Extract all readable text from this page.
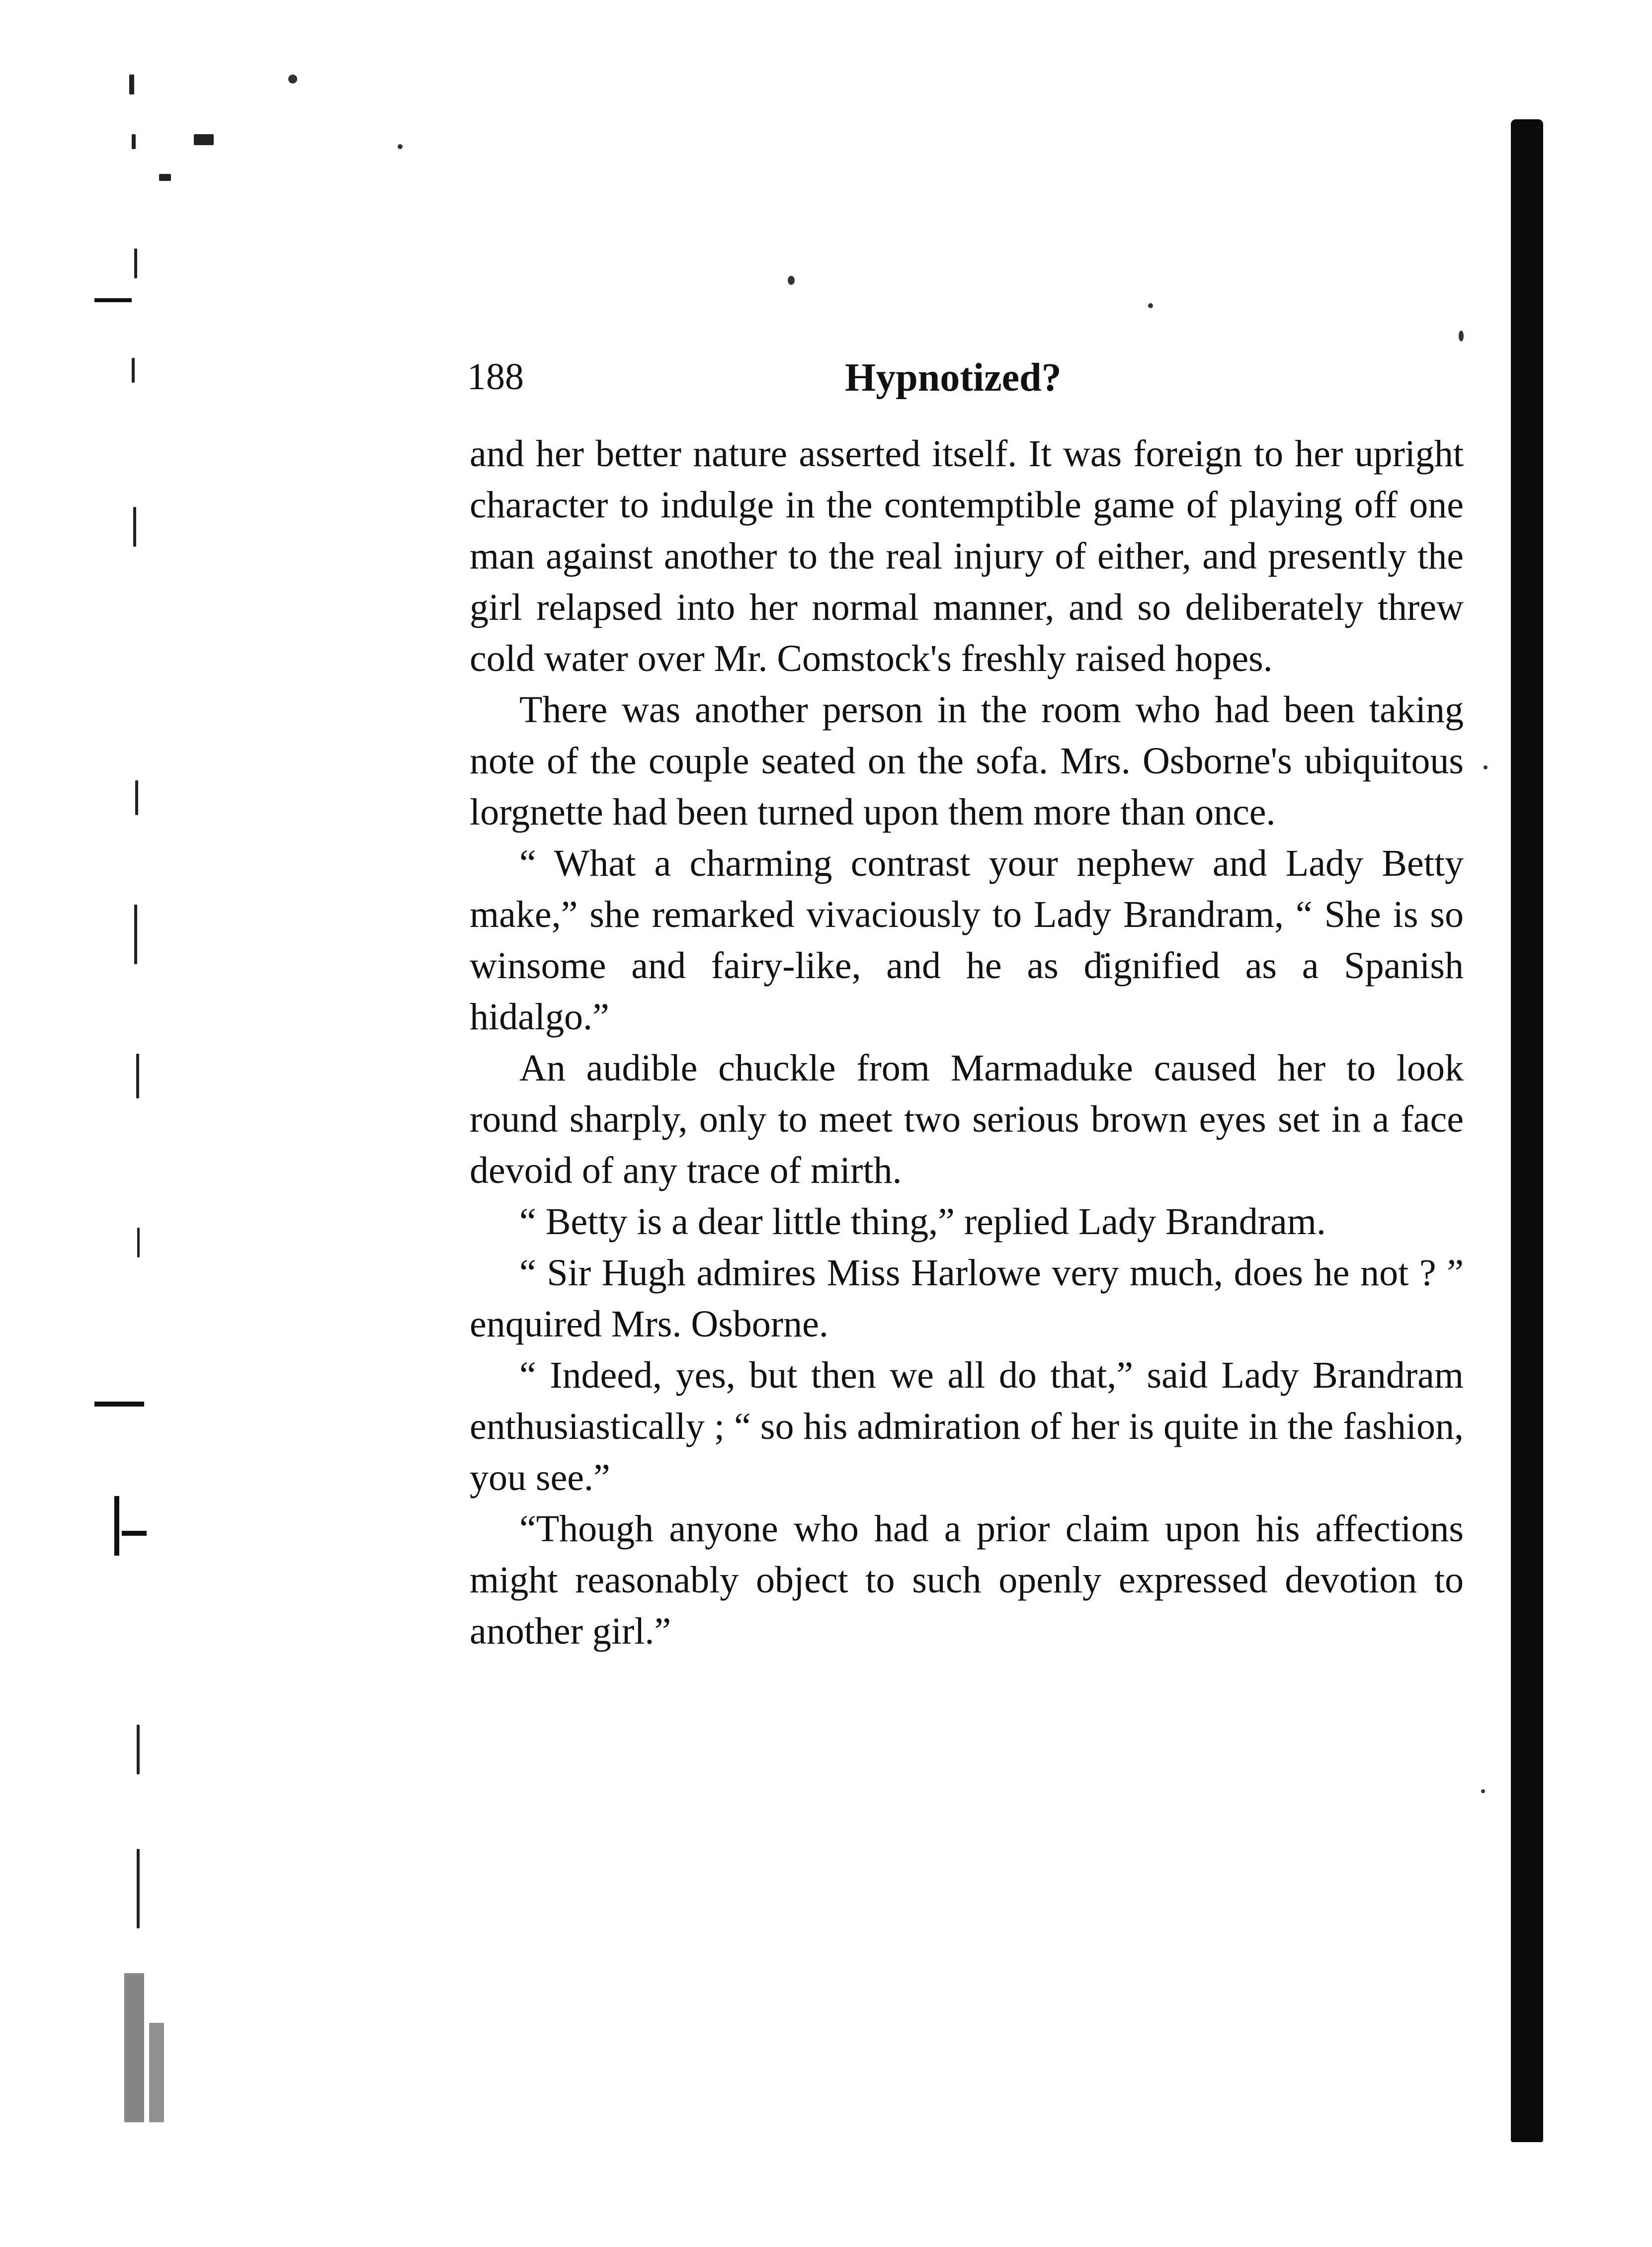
188	Hypnotized?

and her better nature asserted itself. It was foreign to her upright character to indulge in the contemptible game of playing off one man against another to the real injury of either, and presently the girl relapsed into her normal manner, and so deliberately threw cold water over Mr. Comstock's freshly raised hopes.

There was another person in the room who had been taking note of the couple seated on the sofa. Mrs. Osborne's ubiquitous lorgnette had been turned upon them more than once.

“ What a charming contrast your nephew and Lady Betty make,” she remarked vivaciously to Lady Brandram, “ She is so winsome and fairy-like, and he as dignified as a Spanish hidalgo.”

An audible chuckle from Marmaduke caused her to look round sharply, only to meet two serious brown eyes set in a face devoid of any trace of mirth.

“ Betty is a dear little thing,” replied Lady Brandram.

“ Sir Hugh admires Miss Harlowe very much, does he not ? ” enquired Mrs. Osborne.

“ Indeed, yes, but then we all do that,” said Lady Brandram enthusiastically ; “ so his admiration of her is quite in the fashion, you see.”

“Though anyone who had a prior claim upon his affections might reasonably object to such openly expressed devotion to another girl.”
